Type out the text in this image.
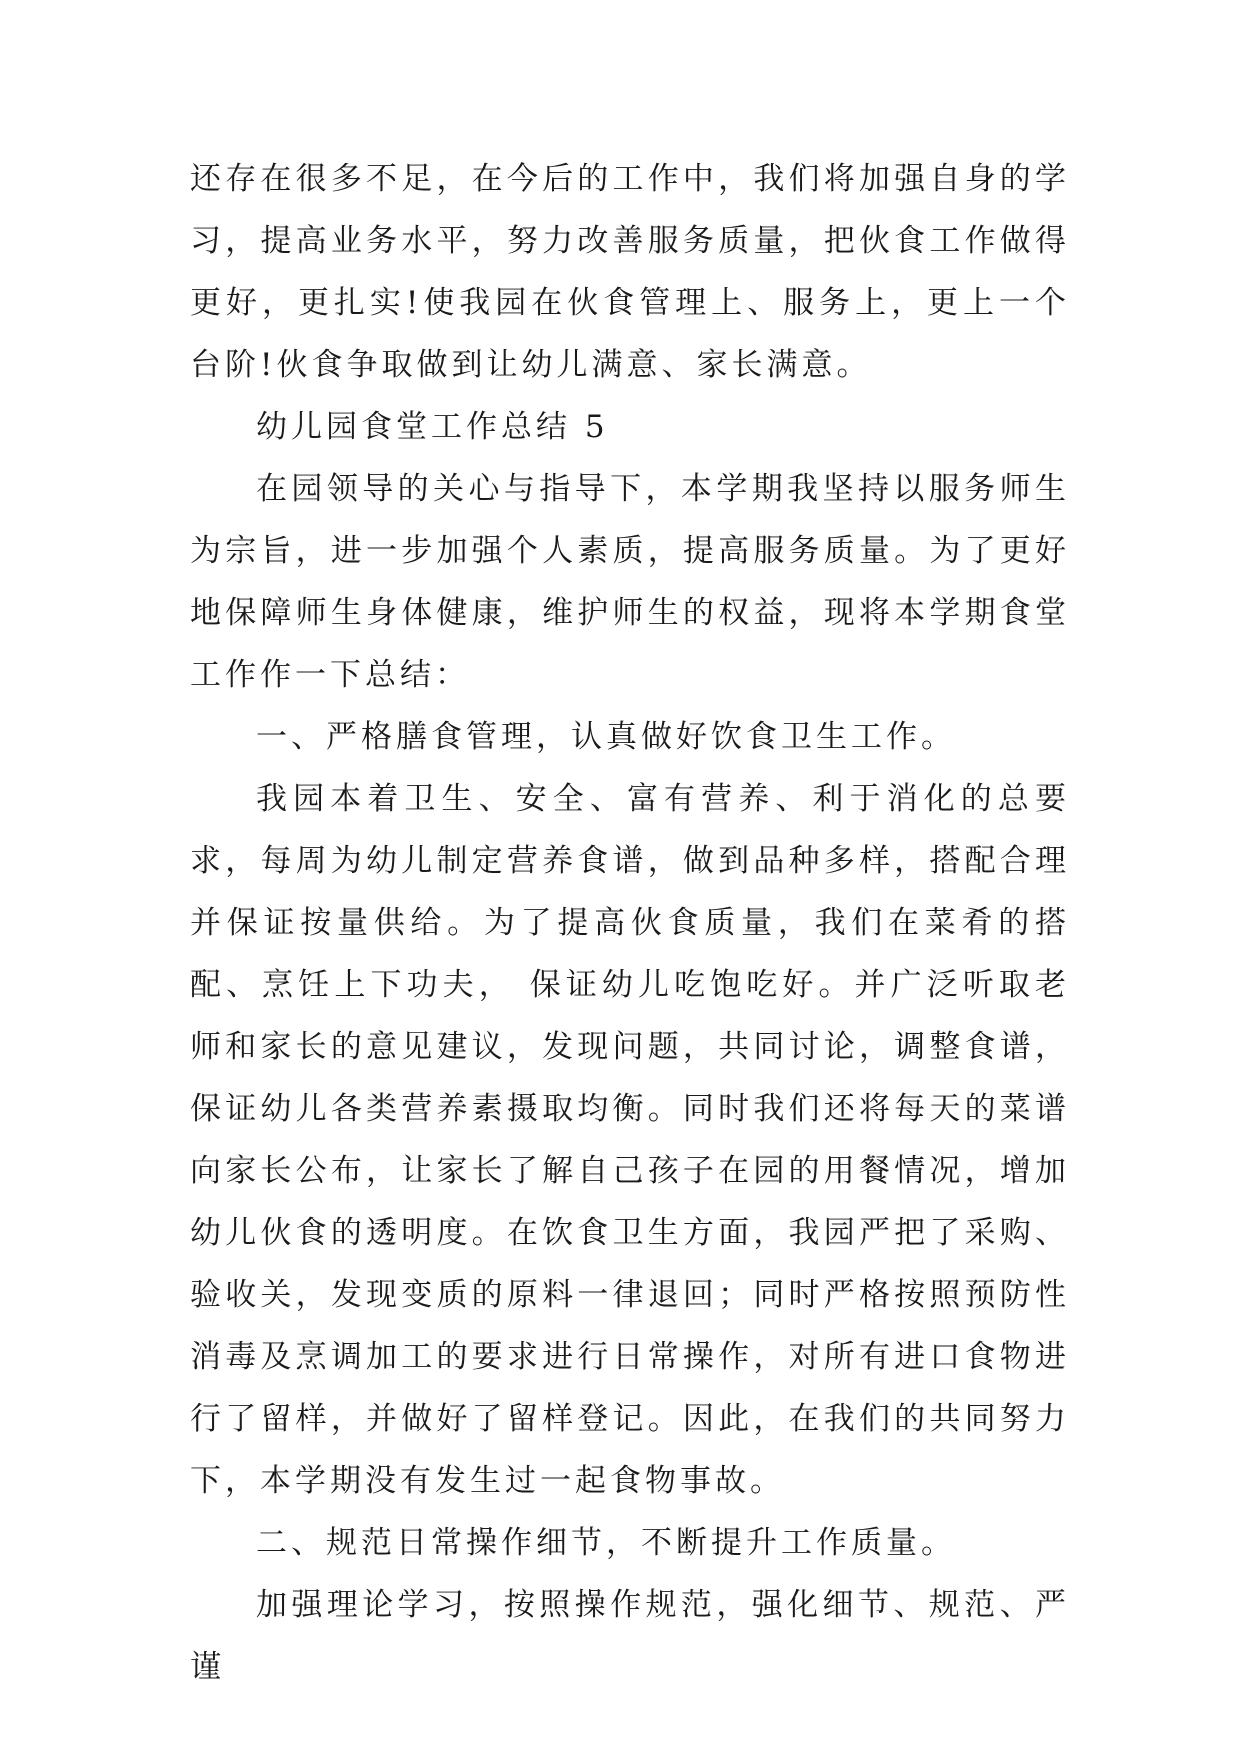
还存在很多不足，在今后的工作中，我们将加强自身的学习，提高业务水平，努力改善服务质量，把伙食工作做得更好，更扎实!使我园在伙食管理上、服务上，更上一个台阶!伙食争取做到让幼儿满意、家长满意。

幼儿园食堂工作总结 5

在园领导的关心与指导下，本学期我坚持以服务师生为宗旨，进一步加强个人素质，提高服务质量。为了更好地保障师生身体健康，维护师生的权益，现将本学期食堂工作作一下总结：

一、严格膳食管理，认真做好饮食卫生工作。

我园本着卫生、安全、富有营养、利于消化的总要求，每周为幼儿制定营养食谱，做到品种多样，搭配合理并保证按量供给。为了提高伙食质量，我们在菜肴的搭配、烹饪上下功夫， 保证幼儿吃饱吃好。并广泛听取老师和家长的意见建议，发现问题，共同讨论，调整食谱，保证幼儿各类营养素摄取均衡。同时我们还将每天的菜谱向家长公布，让家长了解自己孩子在园的用餐情况，增加幼儿伙食的透明度。在饮食卫生方面，我园严把了采购、验收关，发现变质的原料一律退回；同时严格按照预防性消毒及烹调加工的要求进行日常操作，对所有进口食物进行了留样，并做好了留样登记。因此，在我们的共同努力下，本学期没有发生过一起食物事故。

二、规范日常操作细节，不断提升工作质量。

加强理论学习，按照操作规范，强化细节、规范、严谨
